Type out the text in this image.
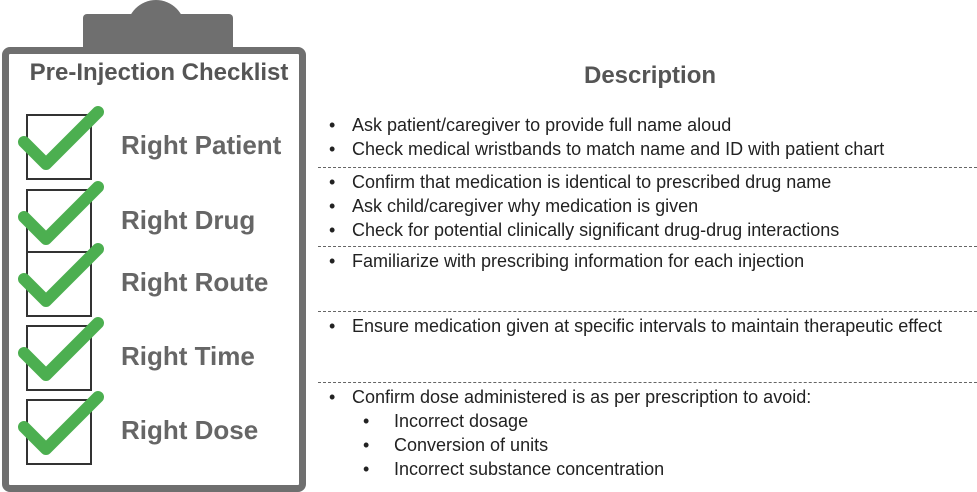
Pre-Injection Checklist
Right Patient
Right Drug
Right Route
Right Time
Right Dose
Description
• Ask patient/caregiver to provide full name aloud
• Check medical wristbands to match name and ID with patient chart
• Confirm that medication is identical to prescribed drug name
• Ask child/caregiver why medication is given
• Check for potential clinically significant drug-drug interactions
• Familiarize with prescribing information for each injection
• Ensure medication given at specific intervals to maintain therapeutic effect
• Confirm dose administered is as per prescription to avoid:
• Incorrect dosage
• Conversion of units
• Incorrect substance concentration
